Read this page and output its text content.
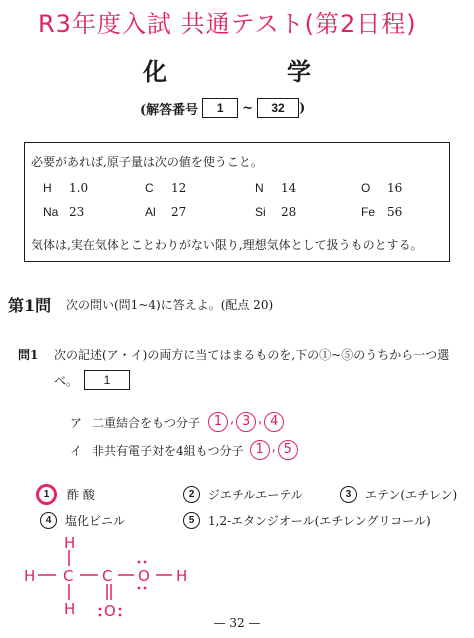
R3年度入試 共通テスト(第2日程)
化	学
(解答番号	1	~	32	)
必要があれば,原子量は次の値を使うこと。
H 1.0	C 12	N 14	O 16
Na 23	Al 27	Si 28	Fe 56
気体は,実在気体とことわりがない限り,理想気体として扱うものとする。
第1問 次の問い(問1~4)に答えよ。(配点 20)
問1 次の記述(ア・イ)の両方に当てはまるものを,下の①~⑤のうちから一つ選
べ。	1
ア 二重結合をもつ分子	1 , 3 , 4
イ 非共有電子対を4組もつ分子 1 , 5
1	酢 酸	2	ジエチルエーテル	3	エテン(エチレン)
4	塩化ビニル	5	1,2-エタンジオール(エチレングリコール)
H
H C C O H
H O
— 32 —
